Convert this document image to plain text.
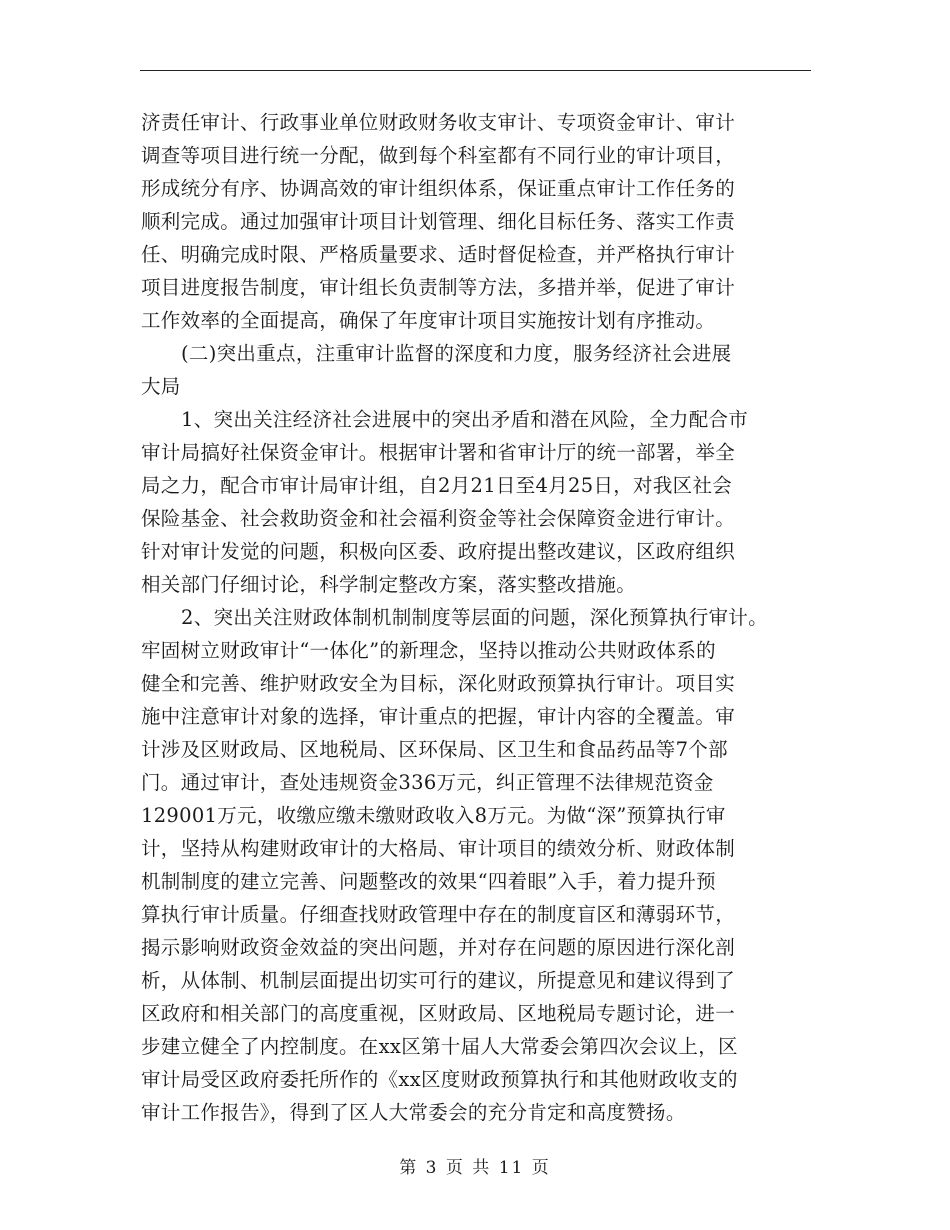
济责任审计、行政事业单位财政财务收支审计、专项资金审计、审计
调查等项目进行统一分配，做到每个科室都有不同行业的审计项目，
形成统分有序、协调高效的审计组织体系，保证重点审计工作任务的
顺利完成。通过加强审计项目计划管理、细化目标任务、落实工作责
任、明确完成时限、严格质量要求、适时督促检查，并严格执行审计
项目进度报告制度，审计组长负责制等方法，多措并举，促进了审计
工作效率的全面提高，确保了年度审计项目实施按计划有序推动。
(二)突出重点，注重审计监督的深度和力度，服务经济社会进展
大局
1、突出关注经济社会进展中的突出矛盾和潜在风险，全力配合市
审计局搞好社保资金审计。根据审计署和省审计厅的统一部署，举全
局之力，配合市审计局审计组，自2月21日至4月25日，对我区社会
保险基金、社会救助资金和社会福利资金等社会保障资金进行审计。
针对审计发觉的问题，积极向区委、政府提出整改建议，区政府组织
相关部门仔细讨论，科学制定整改方案，落实整改措施。
2、突出关注财政体制机制制度等层面的问题，深化预算执行审计。
牢固树立财政审计“一体化”的新理念，坚持以推动公共财政体系的
健全和完善、维护财政安全为目标，深化财政预算执行审计。项目实
施中注意审计对象的选择，审计重点的把握，审计内容的全覆盖。审
计涉及区财政局、区地税局、区环保局、区卫生和食品药品等7个部
门。通过审计，查处违规资金336万元，纠正管理不法律规范资金
129001万元，收缴应缴未缴财政收入8万元。为做“深”预算执行审
计，坚持从构建财政审计的大格局、审计项目的绩效分析、财政体制
机制制度的建立完善、问题整改的效果“四着眼”入手，着力提升预
算执行审计质量。仔细查找财政管理中存在的制度盲区和薄弱环节，
揭示影响财政资金效益的突出问题，并对存在问题的原因进行深化剖
析，从体制、机制层面提出切实可行的建议，所提意见和建议得到了
区政府和相关部门的高度重视，区财政局、区地税局专题讨论，进一
步建立健全了内控制度。在xx区第十届人大常委会第四次会议上，区
审计局受区政府委托所作的《xx区度财政预算执行和其他财政收支的
审计工作报告》，得到了区人大常委会的充分肯定和高度赞扬。
第 3 页 共 11 页
